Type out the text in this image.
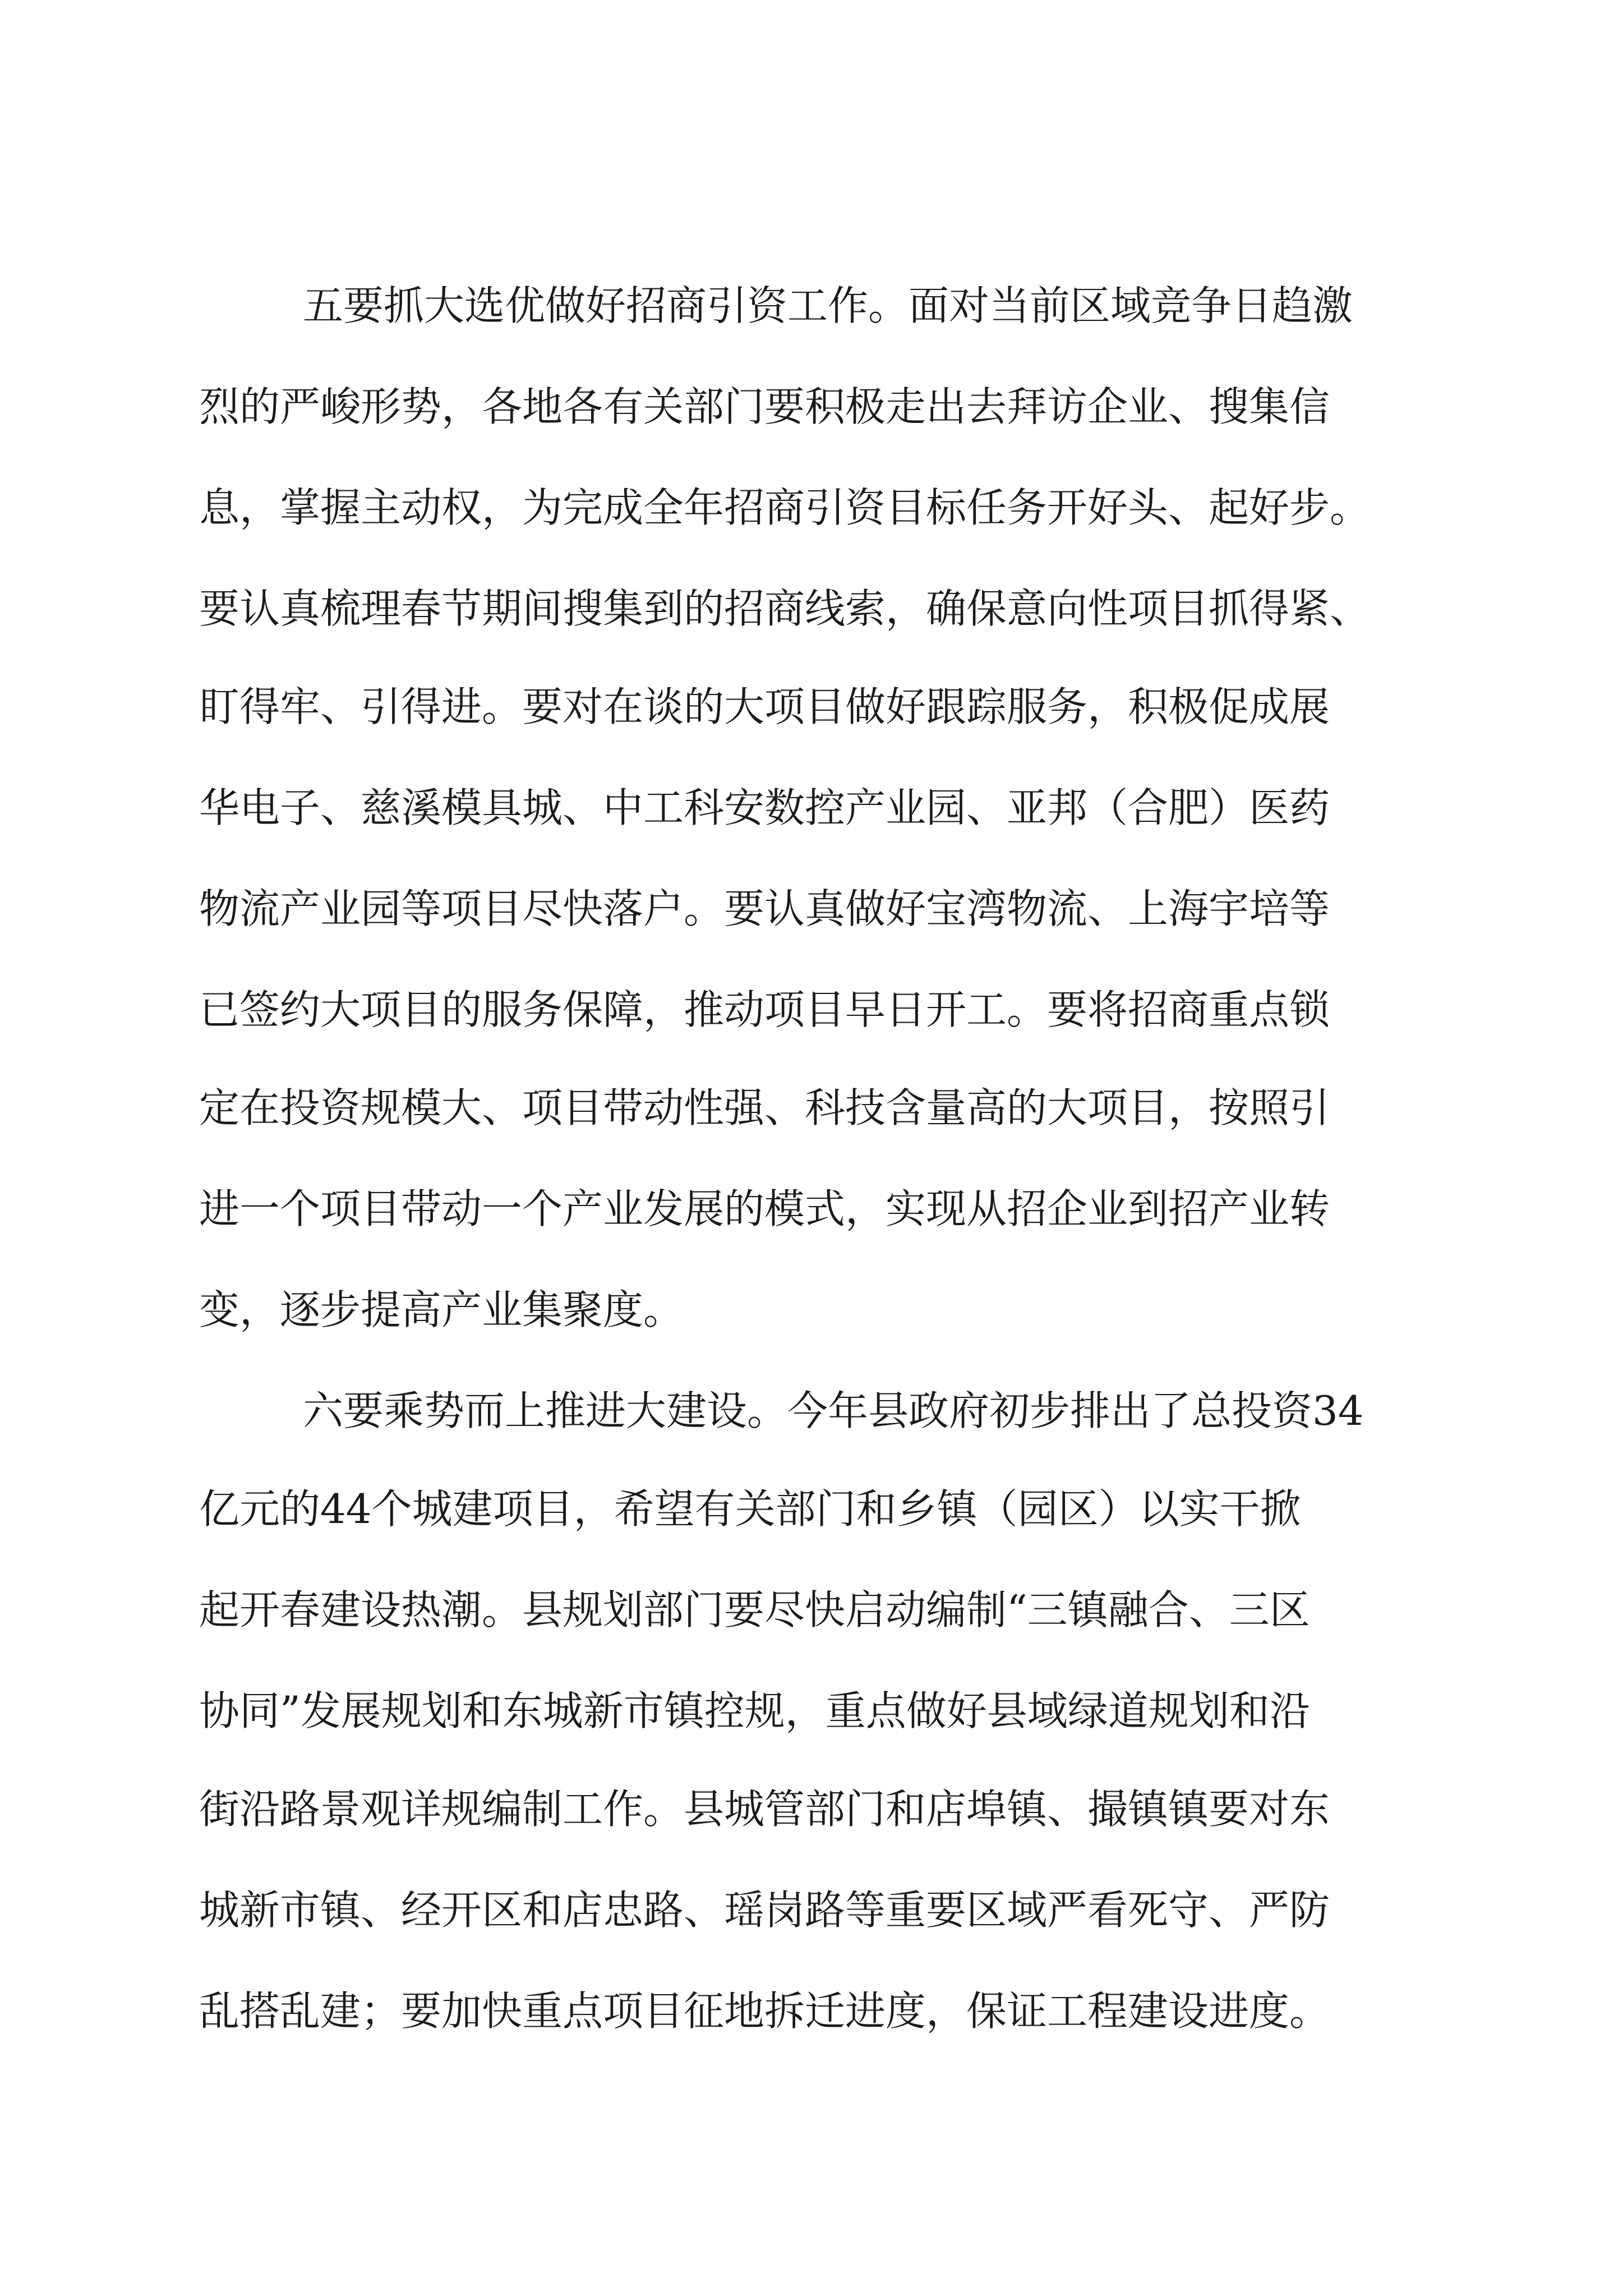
五要抓大选优做好招商引资工作。面对当前区域竞争日趋激
烈的严峻形势，各地各有关部门要积极走出去拜访企业、搜集信
息，掌握主动权，为完成全年招商引资目标任务开好头、起好步。
要认真梳理春节期间搜集到的招商线索，确保意向性项目抓得紧、
盯得牢、引得进。要对在谈的大项目做好跟踪服务，积极促成展
华电子、慈溪模具城、中工科安数控产业园、亚邦（合肥）医药
物流产业园等项目尽快落户。要认真做好宝湾物流、上海宇培等
已签约大项目的服务保障，推动项目早日开工。要将招商重点锁
定在投资规模大、项目带动性强、科技含量高的大项目，按照引
进一个项目带动一个产业发展的模式，实现从招企业到招产业转
变，逐步提高产业集聚度。
六要乘势而上推进大建设。今年县政府初步排出了总投资34
亿元的44个城建项目，希望有关部门和乡镇（园区）以实干掀
起开春建设热潮。县规划部门要尽快启动编制“三镇融合、三区
协同”发展规划和东城新市镇控规，重点做好县域绿道规划和沿
街沿路景观详规编制工作。县城管部门和店埠镇、撮镇镇要对东
城新市镇、经开区和店忠路、瑶岗路等重要区域严看死守、严防
乱搭乱建；要加快重点项目征地拆迁进度，保证工程建设进度。
